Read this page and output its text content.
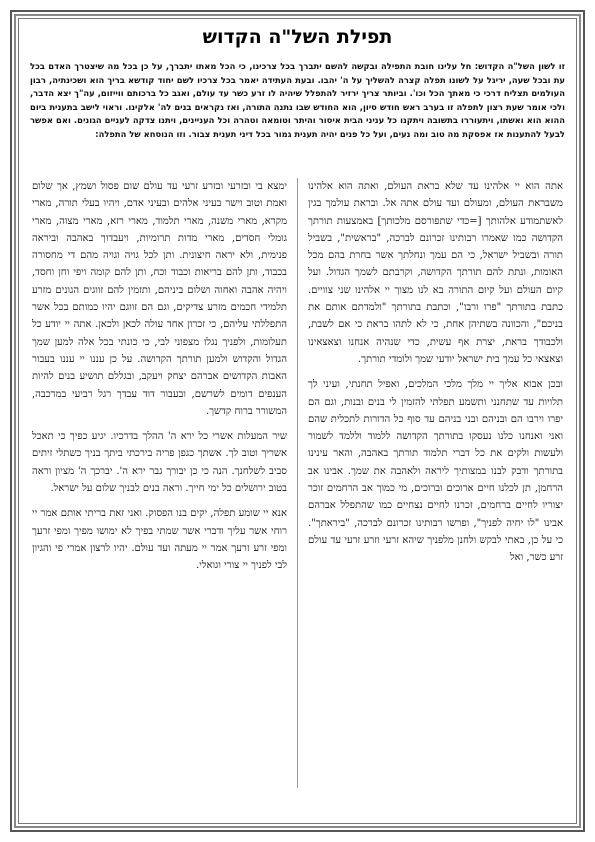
תפילת השל"ה הקדוש
זו לשון השל"ה הקדוש: חל עלינו חובת התפילה ובקשה להשם יתברך בכל צרכינו, כי הכל מאתו יתברך, על כן בכל מה שיצטרך האדם בכל עת ובכל שעה, יריגל על לשונו תפלה קצרה להשליך על ה' יהבו. ובעת העתידה יאמר בכל צרכיו לשם יחוד קודשא בריך הוא ושכינתיה, רבון העולמים תצליח דרכי כי מאתך הכל וכו'. וביותר צריך ירזיר להתפלל שיהיה לו זרע כשר עד עולם, ואגב כל ברכותם ווייזום, עה"ך יצא הדבר, ולכי אומר שעת רצון לתפלה זו בערב ראש חודש סיון, הוא החודש שבו נתנה התורה, ואז נקראים בנים לה' אלקינו. וראוי לישב בתענית ביום ההוא הוא ואשתו, ויתעוררו בתשובה ויתקנו כל עניני הבית איסור והיתר וטומאה וטהרה וכל העניינים, ויתנו צדקה לעניים הגונים. ואם אפשר לבעל להתענות אז אפסקת מה טוב ומה נעים, ועל כל פנים יהיה תענית גמור בכל דיני תענית צבור. וזו הנוסחא של התפלה:

אתה הוא יי אלהינו עד שלא בראת העולם, ואתה הוא אלהינו משבראת העולם, ומעולם ועד עולם אתה אל. ובראת עולמך בגין לאשתמודע אלהותך [=כדי שתפורסם מלכותך] באמצעות תורתך הקדושה כמו שאמרו רבותינו זכרונם לברכה, "בראשית", בשביל תורה ובשביל ישראל, כי הם עמך ונחלתך אשר בחרת בהם מכל האומות, ונתת להם תורתך הקדושה, וקרבתם לשמך הגדול. ועל קיום העולם ועל קיום התורה בא לנו מצוך יי אלהינו שני צוויים. כתבת בתורתך "פרו ורבו", וכתבת בתורתך "ולמדתם אותם את בניכם", והכוונה בשתיהן אחת, כי לא לתהו בראת כי אם לשבת, ולכבודך בראת, יצרת אף עשית, כדי שנהיה אנחנו וצאצאינו וצאצאי כל עמך בית ישראל יודעי שמך ולומדי תורתך.

ובכן אבוא אליך יי מלך מלכי המלכים, ואפיל תחנתי, ועיני לך תלויות עד שתחנני ותשמע תפלתי להזמין לי בנים ובנות, וגם הם יפרו וירבו הם ובניהם ובני בניהם עד סוף כל הדורות לתכלית שהם ואני ואנחנו כלנו נעסקו בתורתך הקדושה ללמוד וללמד לשמור ולעשות ולקים את כל דברי תלמוד תורתך באהבה, והאר עינינו בתורתך ודבק לבנו במצותיך ליראה ולאהבה את שמך. אבינו אב הרחמן, תן לכלנו חיים ארוכים וברוכים, מי כמוך אב הרחמים זוכר יצוריו לחיים ברחמים, זכרנו לחיים נצחיים כמו שהתפלל אברהם אבינו "לו יחיה לפניך", ופרשו רבותינו זכרונם לברכה, "ביראתך". כי על כן, באתי לבקש ולחנן מלפניך שיהא זרעי וזרע זרעי עד עולם זרע כשר, ואל

ימצא בי ובזרעי ובזרע זרעי עד עולם שום פסול ושמץ, אך שלום ואמת וטוב וישר בעיני אלהים ובעיני אדם, ויהיו בעלי תורה, מארי מקרא, מארי משנה, מארי תלמוד, מארי רזא, מארי מצוה, מארי גומלי חסדים, מארי מדות תרומיות, ויעבדוך באהבה וביראה פנימית, ולא יראה חיצונית. ותן לכל גויה וגויה מהם די מחסורה בכבוד, ותן להם בריאות וכבוד וכח, ותן להם קומה ויפי וחן וחסד, ויהיה אהבה ואחוה ושלום ביניהם, ותזמין להם זווגים הגונים מזרע תלמידי חכמים מזרע צדיקים, וגם הם זווגם יהיו כמותם בכל אשר התפללתי עליהם, כי זכרון אחד עולה לכאן ולכאן. אתה יי יודע כל תעלומות, ולפניך נגלו מצפוני לבי, כי כונתי בכל אלה למען שמך הגדול והקדוש ולמען תורתך הקדושה. על כן עננו יי עננו בעבור האבות הקדושים אברהם יצחק ויעקב, ובגללם תושיע בנים להיות הענפים דומים לשרשם, ובעבור דוד עבדך רגל רביעי במרכבה, המשורר ברוח קדשך.

שיר המעלות אשרי כל ירא ה' ההלך בדרכיו. יגיע כפיך כי תאכל אשריך וטוב לך. אשתך כגפן פריה בירכתי ביתך בניך כשתלי זיתים סביב לשלחנך. הנה כי כן יבורך גבר ירא ה'. יברכך ה' מציון וראה בטוב ירושלים כל ימי חייך. וראה בנים לבניך שלום על ישראל.

אנא יי שומע תפלה, יקים בנו הפסוק. ואני זאת בריתי אותם אמר יי רוחי אשר עליך ודברי אשר שמתי בפיך לא ימושו מפיך ומפי זרעך ומפי זרע זרעך אמר יי מעתה ועד עולם. יהיו לרצון אמרי פי והגיון לבי לפניך יי צורי וגואלי.
